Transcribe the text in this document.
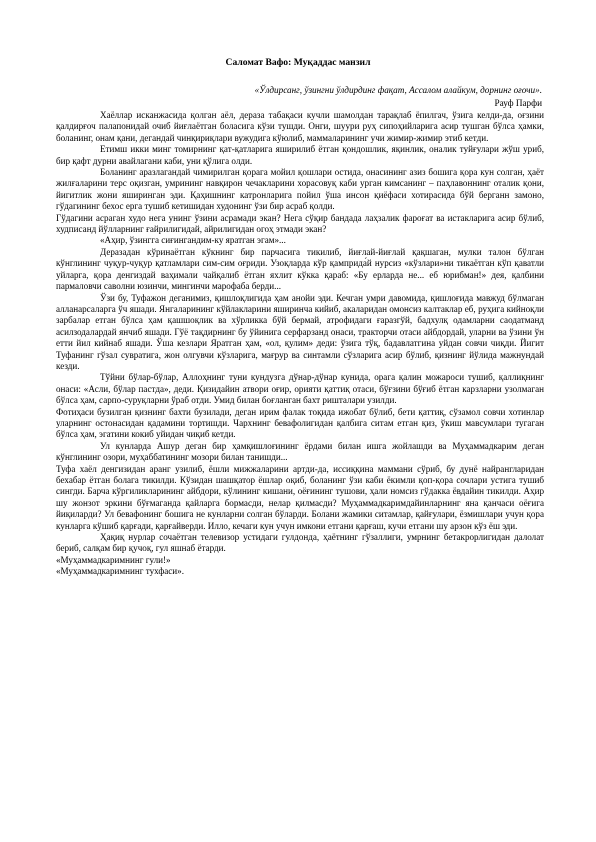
Саломат Вафо: Муқаддас манзил
«Ўлдирсанг, ўзингни ўлдирдинг фақат, Ассалом алайкум, дорнинг оғочи».
Рауф Парфи

Хаёллар исканжасида қолган аёл, дераза табақаси кучли шамолдан тарақлаб ёпилгач, ўзига келди-да, оғзини қалдирғоч палапонидай очиб йиғлаётган боласига кўзи тушди. Онги, шуури руҳ сипоҳийларига асир тушган бўлса ҳамки, боланинг, онам қани, дегандай чинқириқлари вужудига кўюлиб, маммаларининг учи жимир-жимир этиб кетди.

Етимш икки минг томирнинг қат-қатларига яширилиб ётган қондошлик, яқинлик, оналик туйғулари жўш уриб, бир қафт дурни авайлагани каби, уни қўлига олди.

Боланинг аразлагандай чимирилган қорага мойил қошлари остида, онасининг азиз бошига қора кун солган, ҳаёт жилғаларини терс оқизган, умрининг навқирон чечакларини хорасовуқ каби урган кимсанинг – паҳлавоннинг оталик қони, йигитлик жони яширинган эди. Қаҳишнинг катронларига пойил ўша инсон қиёфаси хотирасида бўй берганн замоно, гўдагининг бехос ерга тушиб кетишидан худонинг ўзи бир асраб қолди.

Гўдагини асраган худо нега унинг ўзини асрамади экан? Нега сўқир бандада лаҳзалик фароғат ва истакларига асир бўлиб, худписанд йўлларнинг ғайрилигидай, айрилигидан огоҳ этмади экан?

«Аҳир, ўзингга сиғингандим-ку яратган эгам»...

Деразадан кўринаётган кўкнинг бир парчасига тикилиб, йиғлай-йиғлай қақшаган, мулки талон бўлган кўнглининг чуқур-чуқур қатламлари сим-сим оғриди. Узоқларда кўр қамприда́й нурсиз «кўзлари»ни тикаётган кўп қаватли уйларга, қора денгиздай ваҳимали чайқалиб ётган яхлит кўкка қараб: «Бу ерларда не... еб юрибман!» дея, қалбини пармаловчи саволни юзинчи, мингинчи марофаба берди...

Ўзи бу, Туфажон деганимиз, қишлоқлигида ҳам анойи эди. Кечган умри давомида, қишлоғида мавжуд бўлмаган алланарсаларга ўч яшади. Янгаларининг кўйлакларини яширинча кийиб, акаларидан омонсиз калтаклар еб, руҳига кийноқли зарбалар етган бўлса ҳам қашшоқлик ва хўрликка бўй бермай, атрофидаги ғаразгўй, бадхулқ одамларни саодатманд асилзодалардай янчиб яшади. Гўё тақдирнинг бу ўйинига серфарзанд онаси, тракторчи отаси айбдордай, уларни ва ўзини ўн етти йил кийнаб яшади. Ўша кезлари Яратган ҳам, «ол, қулим» деди: ўзига тўқ, бадавлатгина уйдан совчи чиқди. Йигит Туфанинг гўзал сувратига, жон олгувчи кўзларига, мағрур ва синтамли сўзларига асир бўлиб, қизнинг йўлида мажнундай кезди.

Тўйни бўлар-бўлар, Аллоҳнинг туни кундузга дўнар-дўнар кунида, орага қалин можароси тушиб, қаллиқнинг онаси: «Асли, бўлар пастда», деди. Қизидайин атвори оғир, орияти қаттиқ отаси, бўғзини бўғиб ётган карзларни узолмаган бўлса ҳам, сарпо-суруқларни ўраб отди. Умид билан боғланган бахт ришталари узилди.

Фотиҳаси бузилган қизнинг бахти бузилади, деган ирим фалак тоқида ижобат бўлиб, бети қаттиқ, сўзамол совчи хотинлар уларнинг остонасидан қадамини тортишди. Чархнинг бевафолигидан қалбига ситам етган қиз, ўкиш мавсумлари тугаган бўлса ҳам, эгатини кокиб уйидан чиқиб кетди.

Ул кунларда Ашур деган бир ҳамқишлоғининг ёрдами билан ишга жойлашди ва Муҳаммадкарим деган кўнглининг озори, муҳаббатининг мозори билан танишди...

Туфа хаёл денгизидан аранг узилиб, ёшли мижжаларини артди-да, иссиққина маммани сўриб, бу дунё найрангларидан бехабар ётган болага тикилди. Кўзидан шашқатор ёшлар оқиб, боланинг ўзи каби ёкимли қоп-қора сочлари устига тушиб сингди. Барча кўргиликларининг айбдори, кўлининг кишани, оёғининг тушови, ҳали номсиз гўдакка ёвдайин тикилди. Аҳир шу жонзот эркини бўғмаганда қайларга бормасди, нелар қилмасди? Муҳаммадкаримдайинларнинг яна қанчаси оёғига йиқиларди? Ул бевафонинг бошига не кунларни солган бўларди. Болани жамики ситамлар, қайғулари, ёзмишлари учун қора кунларга кўшиб қарғади, қарғайверди. Илло, кечаги кун учун имкони етгани қарғаш, кучи етгани шу арзон кўз ёш эди.

Ҳақиқ нурлар сочаётган телевизор устидаги гулдонда, ҳаётнинг гўзаллиги, умрнинг бетакрорлигидан далолат бериб, салқам бир қучоқ, гул яшнаб ётарди.

«Муҳаммадкаримнинг гули!»

«Муҳаммадкаримнинг тухфаси».
